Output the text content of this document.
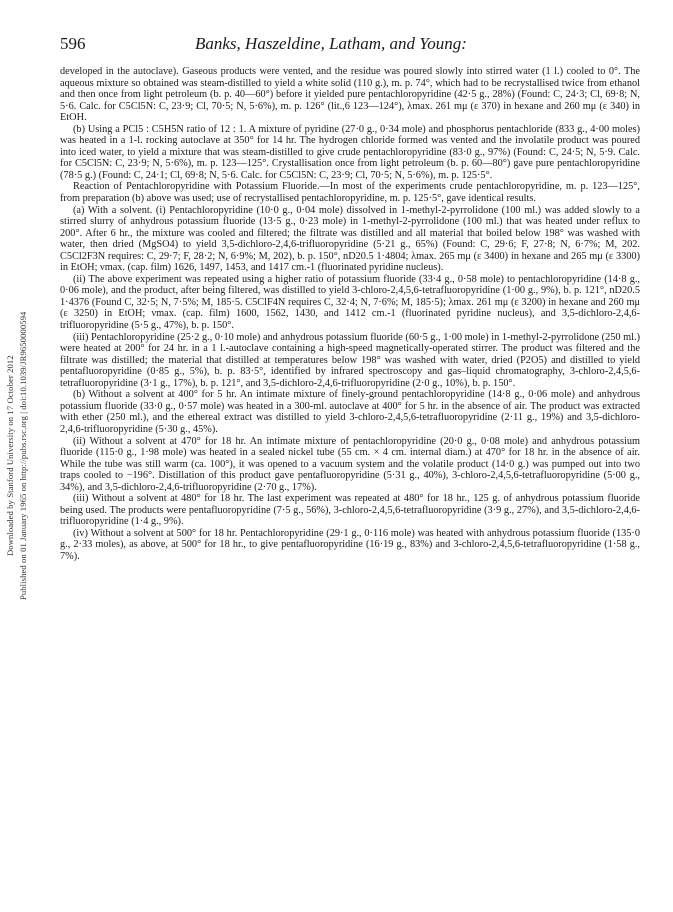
Downloaded by Stanford University on 17 October 2012 Published on 01 January 1965 on http://pubs.rsc.org | doi:10.1039/JR9650000594
596	Banks, Haszeldine, Latham, and Young:

developed in the autoclave). Gaseous products were vented, and the residue was poured slowly into stirred water (1 l.) cooled to 0°. The aqueous mixture so obtained was steam-distilled to yield a white solid (110 g.), m. p. 74°, which had to be recrystallised twice from ethanol and then once from light petroleum (b. p. 40—60°) before it yielded pure pentachloropyridine (42·5 g., 28%) (Found: C, 24·3; Cl, 69·8; N, 5·6. Calc. for C5Cl5N: C, 23·9; Cl, 70·5; N, 5·6%), m. p. 126° (lit.,6 123—124°), λmax. 261 mμ (ε 370) in hexane and 260 mμ (ε 340) in EtOH.

(b) Using a PCl5 : C5H5N ratio of 12 : 1. A mixture of pyridine (27·0 g., 0·34 mole) and phosphorus pentachloride (833 g., 4·00 moles) was heated in a 1-l. rocking autoclave at 350° for 14 hr. The hydrogen chloride formed was vented and the involatile product was poured into iced water, to yield a mixture that was steam-distilled to give crude pentachloropyridine (83·0 g., 97%) (Found: C, 24·5; N, 5·9. Calc. for C5Cl5N: C, 23·9; N, 5·6%), m. p. 123—125°. Crystallisation once from light petroleum (b. p. 60—80°) gave pure pentachloropyridine (78·5 g.) (Found: C, 24·1; Cl, 69·8; N, 5·6. Calc. for C5Cl5N: C, 23·9; Cl, 70·5; N, 5·6%), m. p. 125·5°.

Reaction of Pentachloropyridine with Potassium Fluoride.—In most of the experiments crude pentachloropyridine, m. p. 123—125°, from preparation (b) above was used; use of recrystallised pentachloropyridine, m. p. 125·5°, gave identical results.

(a) With a solvent. (i) Pentachloropyridine (10·0 g., 0·04 mole) dissolved in 1-methyl-2-pyrrolidone (100 ml.) was added slowly to a stirred slurry of anhydrous potassium fluoride (13·5 g., 0·23 mole) in 1-methyl-2-pyrrolidone (100 ml.) that was heated under reflux to 200°. After 6 hr., the mixture was cooled and filtered; the filtrate was distilled and all material that boiled below 198° was washed with water, then dried (MgSO4) to yield 3,5-dichloro-2,4,6-trifluoropyridine (5·21 g., 65%) (Found: C, 29·6; F, 27·8; N, 6·7%; M, 202. C5Cl2F3N requires: C, 29·7; F, 28·2; N, 6·9%; M, 202), b. p. 150°, nD20.5 1·4804; λmax. 265 mμ (ε 3400) in hexane and 265 mμ (ε 3300) in EtOH; νmax. (cap. film) 1626, 1497, 1453, and 1417 cm.-1 (fluorinated pyridine nucleus).

(ii) The above experiment was repeated using a higher ratio of potassium fluoride (33·4 g., 0·58 mole) to pentachloropyridine (14·8 g., 0·06 mole), and the product, after being filtered, was distilled to yield 3-chloro-2,4,5,6-tetrafluoropyridine (1·00 g., 9%), b. p. 121°, nD20.5 1·4376 (Found C, 32·5; N, 7·5%; M, 185·5. C5ClF4N requires C, 32·4; N, 7·6%; M, 185·5); λmax. 261 mμ (ε 3200) in hexane and 260 mμ (ε 3250) in EtOH; νmax. (cap. film) 1600, 1562, 1430, and 1412 cm.-1 (fluorinated pyridine nucleus), and 3,5-dichloro-2,4,6-trifluoropyridine (5·5 g., 47%), b. p. 150°.

(iii) Pentachloropyridine (25·2 g., 0·10 mole) and anhydrous potassium fluoride (60·5 g., 1·00 mole) in 1-methyl-2-pyrrolidone (250 ml.) were heated at 200° for 24 hr. in a 1 l.-autoclave containing a high-speed magnetically-operated stirrer. The product was filtered and the filtrate was distilled; the material that distilled at temperatures below 198° was washed with water, dried (P2O5) and distilled to yield pentafluoropyridine (0·85 g., 5%), b. p. 83·5°, identified by infrared spectroscopy and gas–liquid chromatography, 3-chloro-2,4,5,6-tetrafluoropyridine (3·1 g., 17%), b. p. 121°, and 3,5-dichloro-2,4,6-trifluoropyridine (2·0 g., 10%), b. p. 150°.

(b) Without a solvent at 400° for 5 hr. An intimate mixture of finely-ground pentachloropyridine (14·8 g., 0·06 mole) and anhydrous potassium fluoride (33·0 g., 0·57 mole) was heated in a 300-ml. autoclave at 400° for 5 hr. in the absence of air. The product was extracted with ether (250 ml.), and the ethereal extract was distilled to yield 3-chloro-2,4,5,6-tetrafluoropyridine (2·11 g., 19%) and 3,5-dichloro-2,4,6-trifluoropyridine (5·30 g., 45%).

(ii) Without a solvent at 470° for 18 hr. An intimate mixture of pentachloropyridine (20·0 g., 0·08 mole) and anhydrous potassium fluoride (115·0 g., 1·98 mole) was heated in a sealed nickel tube (55 cm. × 4 cm. internal diam.) at 470° for 18 hr. in the absence of air. While the tube was still warm (ca. 100°), it was opened to a vacuum system and the volatile product (14·0 g.) was pumped out into two traps cooled to −196°. Distillation of this product gave pentafluoropyridine (5·31 g., 40%), 3-chloro-2,4,5,6-tetrafluoropyridine (5·00 g., 34%), and 3,5-dichloro-2,4,6-trifluoropyridine (2·70 g., 17%).

(iii) Without a solvent at 480° for 18 hr. The last experiment was repeated at 480° for 18 hr., 125 g. of anhydrous potassium fluoride being used. The products were pentafluoropyridine (7·5 g., 56%), 3-chloro-2,4,5,6-tetrafluoropyridine (3·9 g., 27%), and 3,5-dichloro-2,4,6-trifluoropyridine (1·4 g., 9%).

(iv) Without a solvent at 500° for 18 hr. Pentachloropyridine (29·1 g., 0·116 mole) was heated with anhydrous potassium fluoride (135·0 g., 2·33 moles), as above, at 500° for 18 hr., to give pentafluoropyridine (16·19 g., 83%) and 3-chloro-2,4,5,6-tetrafluoropyridine (1·58 g., 7%).
